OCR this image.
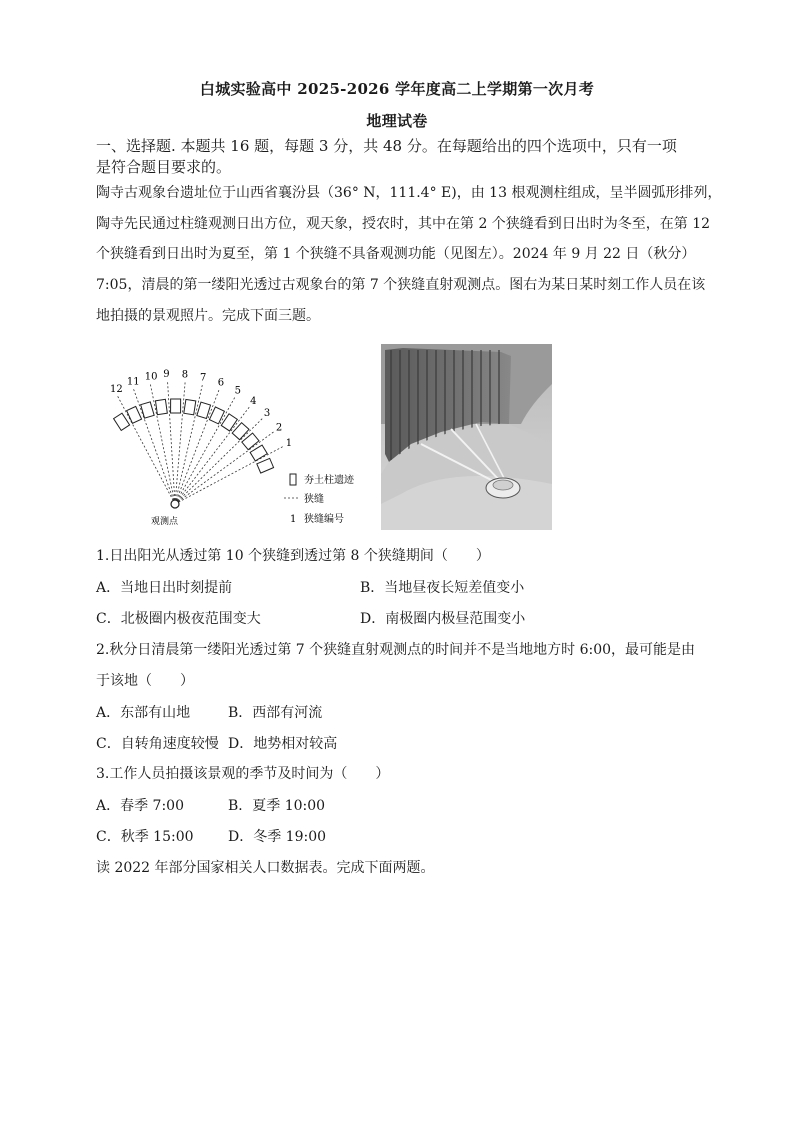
白城实验高中 2025-2026 学年度高二上学期第一次月考
地理试卷
一、选择题. 本题共 16 题，每题 3 分，共 48 分。在每题给出的四个选项中，只有一项
是符合题目要求的。
陶寺古观象台遗址位于山西省襄汾县（36° N，111.4° E)，由 13 根观测柱组成，呈半圆弧形排列，
陶寺先民通过柱缝观测日出方位，观天象，授农时，其中在第 2 个狭缝看到日出时为冬至，在第 12
个狭缝看到日出时为夏至，第 1 个狭缝不具备观测功能（见图左）。2024 年 9 月 22 日（秋分）
7:05，清晨的第一缕阳光透过古观象台的第 7 个狭缝直射观测点。图右为某日某时刻工作人员在该
地拍摄的景观照片。完成下面三题。
12
11 10 9 8 7 6
5
4
3
2
1
观测点
夯土柱遗迹
狭缝
1 狭缝编号
1.日出阳光从透过第 10 个狭缝到透过第 8 个狭缝期间（　　）
A．当地日出时刻提前	B．当地昼夜长短差值变小
C．北极圈内极夜范围变大	D．南极圈内极昼范围变小
2.秋分日清晨第一缕阳光透过第 7 个狭缝直射观测点的时间并不是当地地方时 6:00，最可能是由
于该地（　　）
A．东部有山地	B．西部有河流
C．自转角速度较慢 D．地势相对较高
3.工作人员拍摄该景观的季节及时间为（　　）
A．春季 7:00	B．夏季 10:00
C．秋季 15:00 D．冬季 19:00
读 2022 年部分国家相关人口数据表。完成下面两题。
